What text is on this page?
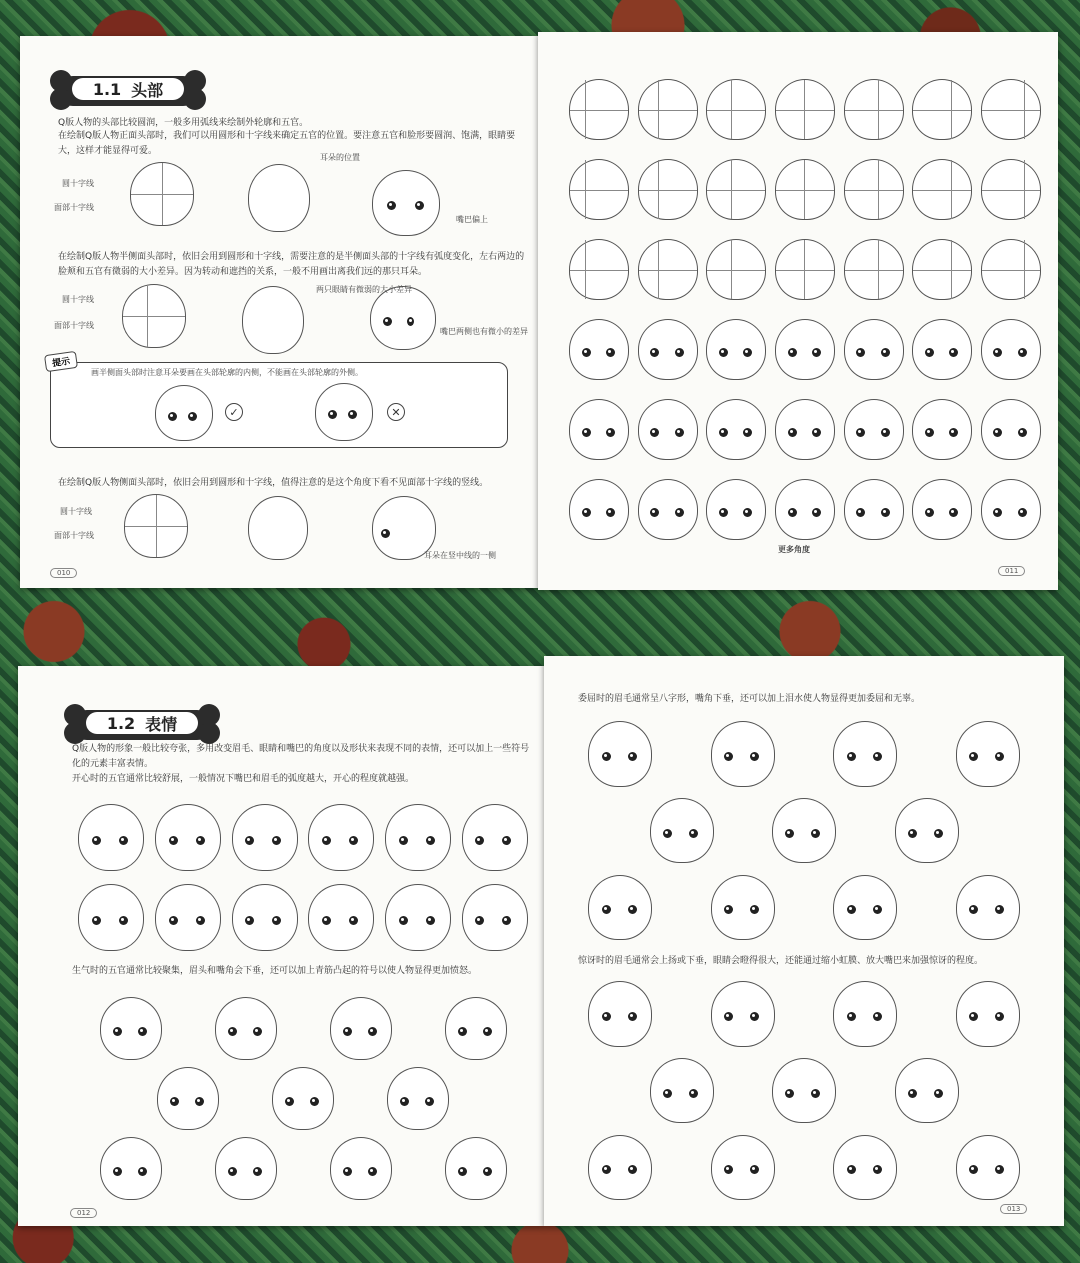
1.1 头部
Q版人物的头部比较圆润，一般多用弧线来绘制外轮廓和五官。
在绘制Q版人物正面头部时，我们可以用圆形和十字线来确定五官的位置。要注意五官和脸形要圆润、饱满，眼睛要大，这样才能显得可爱。
圆十字线
面部十字线
耳朵的位置
嘴巴偏上
在绘制Q版人物半侧面头部时，依旧会用到圆形和十字线，需要注意的是半侧面头部的十字线有弧度变化，左右两边的脸颊和五官有微弱的大小差异。因为转动和遮挡的关系，一般不用画出离我们远的那只耳朵。
圆十字线
面部十字线
两只眼睛有微弱的大小差异
嘴巴两侧也有微小的差异
提示
画半侧面头部时注意耳朵要画在头部轮廓的内侧，不能画在头部轮廓的外侧。
✓	✕
在绘制Q版人物侧面头部时，依旧会用到圆形和十字线，值得注意的是这个角度下看不见面部十字线的竖线。
圆十字线
面部十字线
耳朵在竖中线的一侧
010
更多角度
011
1.2 表情
Q版人物的形象一般比较夸张，多用改变眉毛、眼睛和嘴巴的角度以及形状来表现不同的表情，还可以加上一些符号化的元素丰富表情。
开心时的五官通常比较舒展，一般情况下嘴巴和眉毛的弧度越大，开心的程度就越强。
生气时的五官通常比较聚集，眉头和嘴角会下垂，还可以加上青筋凸起的符号以使人物显得更加愤怒。
012
委屈时的眉毛通常呈八字形，嘴角下垂，还可以加上泪水使人物显得更加委屈和无辜。
惊讶时的眉毛通常会上扬或下垂，眼睛会瞪得很大，还能通过缩小虹膜、放大嘴巴来加强惊讶的程度。
013
